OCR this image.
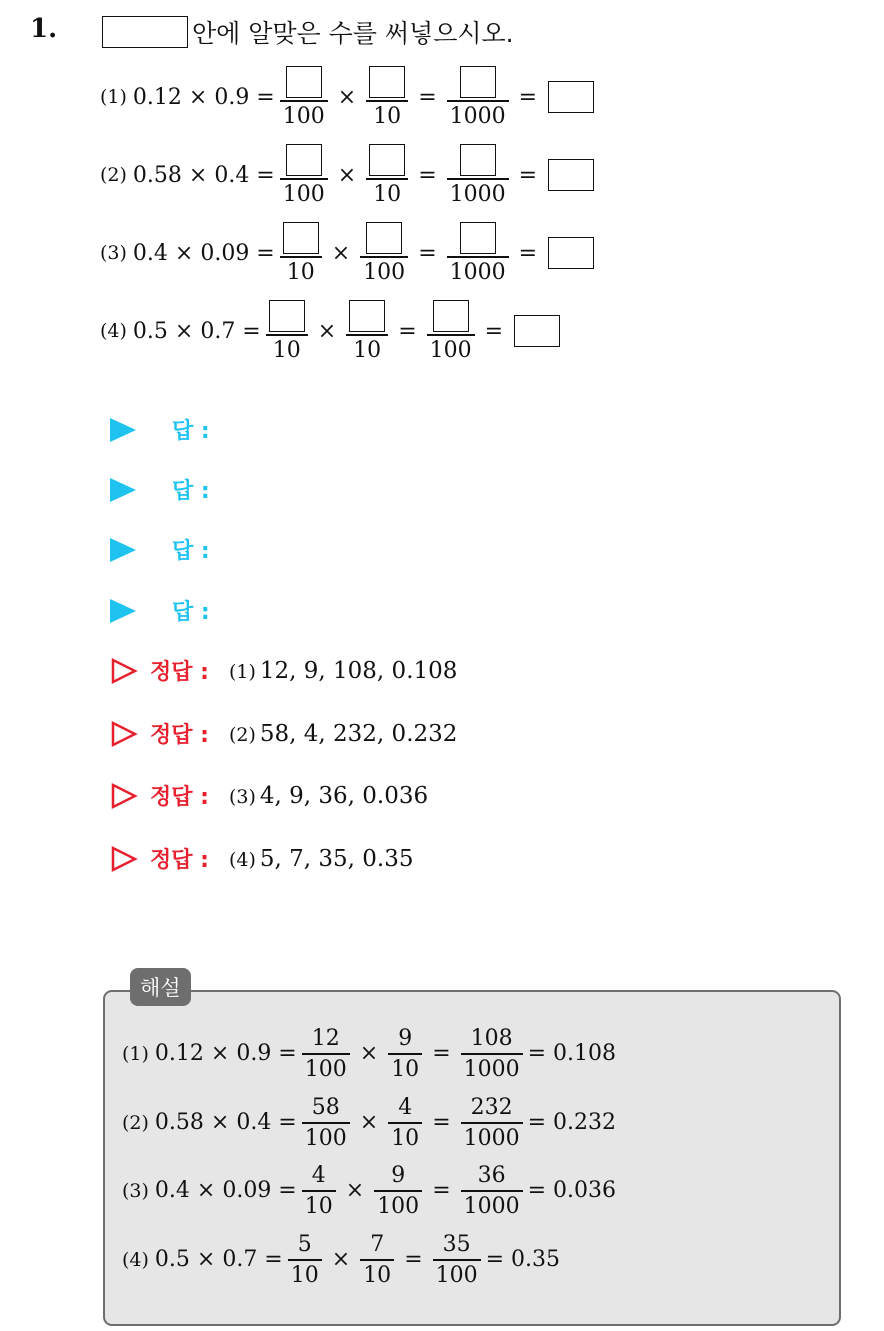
1.	안에 알맞은 수를 써넣으시오.
(1) 0.12 × 0.9 =
100
×
10
=
1000
=
(2) 0.58 × 0.4 =
100
×
10
=
1000
=
(3) 0.4 × 0.09 =
10
×
100
=
1000
=
(4) 0.5 × 0.7 =
10
×
10
=
100
=
답 :
답 :
답 :
답 :
정답 : (1) 12, 9, 108, 0.108
정답 : (2) 58, 4, 232, 0.232
정답 : (3) 4, 9, 36, 0.036
정답 : (4) 5, 7, 35, 0.35
해설
(1) $0.12 \times 0.9 = \frac{12}{100} \times \frac{9}{10} = \frac{108}{1000} = 0.108$
(2) $0.58 \times 0.4 = \frac{58}{100} \times \frac{4}{10} = \frac{232}{1000} = 0.232$
(3) $0.4 \times 0.09 = \frac{4}{10} \times \frac{9}{100} = \frac{36}{1000} = 0.036$
(4) $0.5 \times 0.7 = \frac{5}{10} \times \frac{7}{10} = \frac{35}{100} = 0.35$
